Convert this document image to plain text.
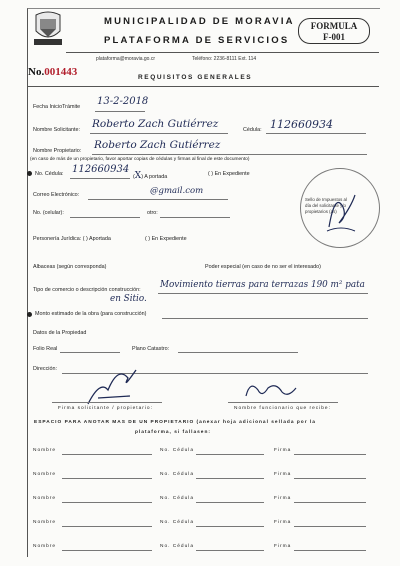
MUNICIPALIDAD DE MORAVIA
PLATAFORMA DE SERVICIOS
FORMULA
F-001
plataforma@moravia.go.cr	Teléfono: 2236-8111 Ext. 114
No.001443	REQUISITOS GENERALES
Fecha InicioTrámite 13-2-2018
Nombre Solicitante: Roberto Zach Gutiérrez	Cédula: 112660934
Nombre Propietario: Roberto Zach Gutiérrez
(en caso de más de un propietario, favor aportar copias de cédulas y firmas al final de este documento)
No. Cédula: 112660934
(X) A portada	( ) En Expediente
Correo Electrónico:	@gmail.com
No. (celular):	otro:
Sello de Impuestos al
día del solicitante y/o
propietarios (as)
Personería Jurídica: ( ) Aportada	( ) En Expediente
Albaceas (según corresponda)	Poder especial (en caso de no ser el interesado)
Tipo de comercio o descripción construcción: Movimiento tierras para terrazas 190 m² pata
en Sitio.
Monto estimado de la obra (para construcción)
Datos de la Propiedad
Folio Real	Plano Catastro:
Dirección:
Firma solicitante / propietario:	Nombre funcionario que recibe:
ESPACIO PARA ANOTAR MAS DE UN PROPIETARIO (anexar hoja adicional sellada por la
plataforma, si fallasen:
Nombre	No. Cédula	Firma
Nombre	No. Cédula	Firma
Nombre	No. Cédula	Firma
Nombre	No. Cédula	Firma
Nombre	No. Cédula	Firma
